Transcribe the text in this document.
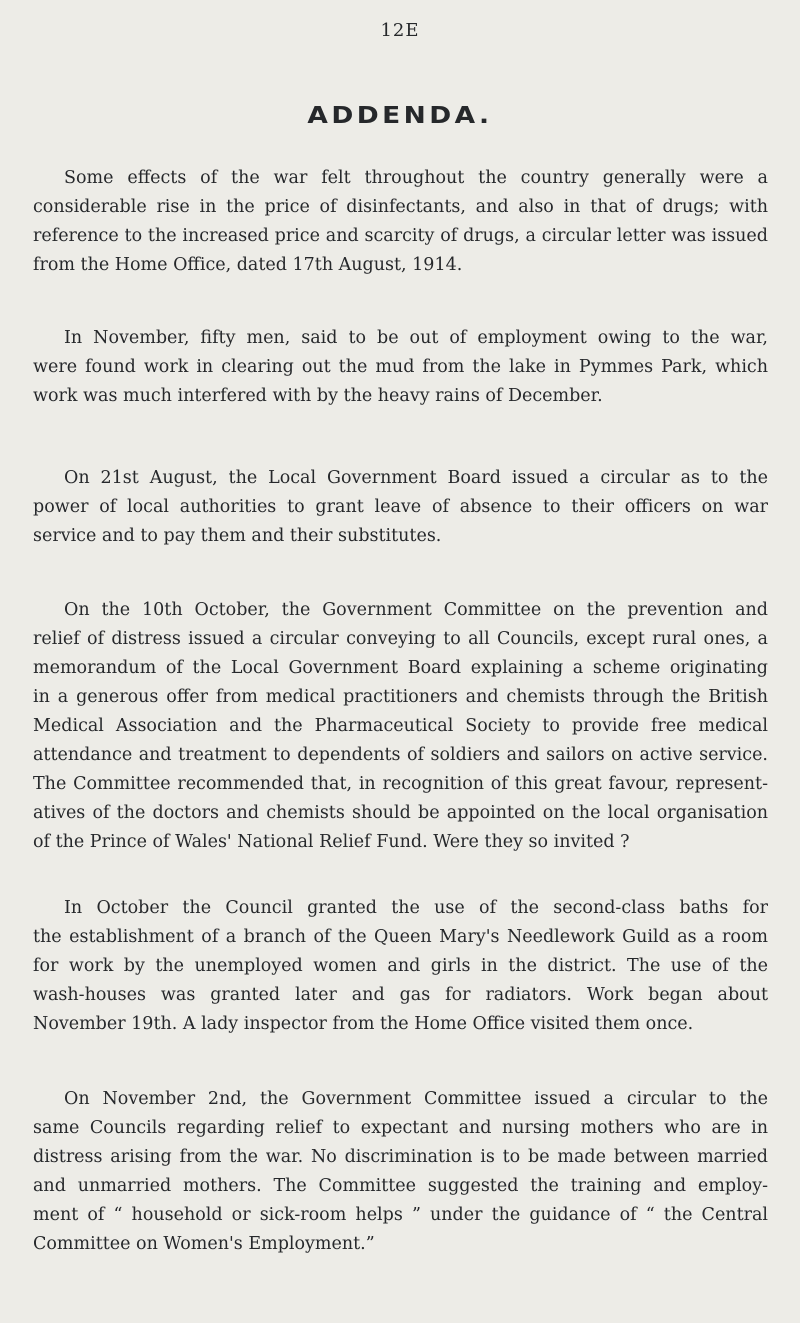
12E
ADDENDA.

Some effects of the war felt throughout the country generally were a
considerable rise in the price of disinfectants, and also in that of drugs; with
reference to the increased price and scarcity of drugs, a circular letter was issued
from the Home Office, dated 17th August, 1914.

In November, fifty men, said to be out of employment owing to the war,
were found work in clearing out the mud from the lake in Pymmes Park, which
work was much interfered with by the heavy rains of December.

On 21st August, the Local Government Board issued a circular as to the
power of local authorities to grant leave of absence to their officers on war
service and to pay them and their substitutes.

On the 10th October, the Government Committee on the prevention and
relief of distress issued a circular conveying to all Councils, except rural ones, a
memorandum of the Local Government Board explaining a scheme originating
in a generous offer from medical practitioners and chemists through the British
Medical Association and the Pharmaceutical Society to provide free medical
attendance and treatment to dependents of soldiers and sailors on active service.
The Committee recommended that, in recognition of this great favour, represent-
atives of the doctors and chemists should be appointed on the local organisation
of the Prince of Wales' National Relief Fund. Were they so invited ?

In October the Council granted the use of the second-class baths for
the establishment of a branch of the Queen Mary's Needlework Guild as a room
for work by the unemployed women and girls in the district. The use of the
wash-houses was granted later and gas for radiators. Work began about
November 19th. A lady inspector from the Home Office visited them once.

On November 2nd, the Government Committee issued a circular to the
same Councils regarding relief to expectant and nursing mothers who are in
distress arising from the war. No discrimination is to be made between married
and unmarried mothers. The Committee suggested the training and employ-
ment of “ household or sick-room helps ” under the guidance of “ the Central
Committee on Women's Employment.”
